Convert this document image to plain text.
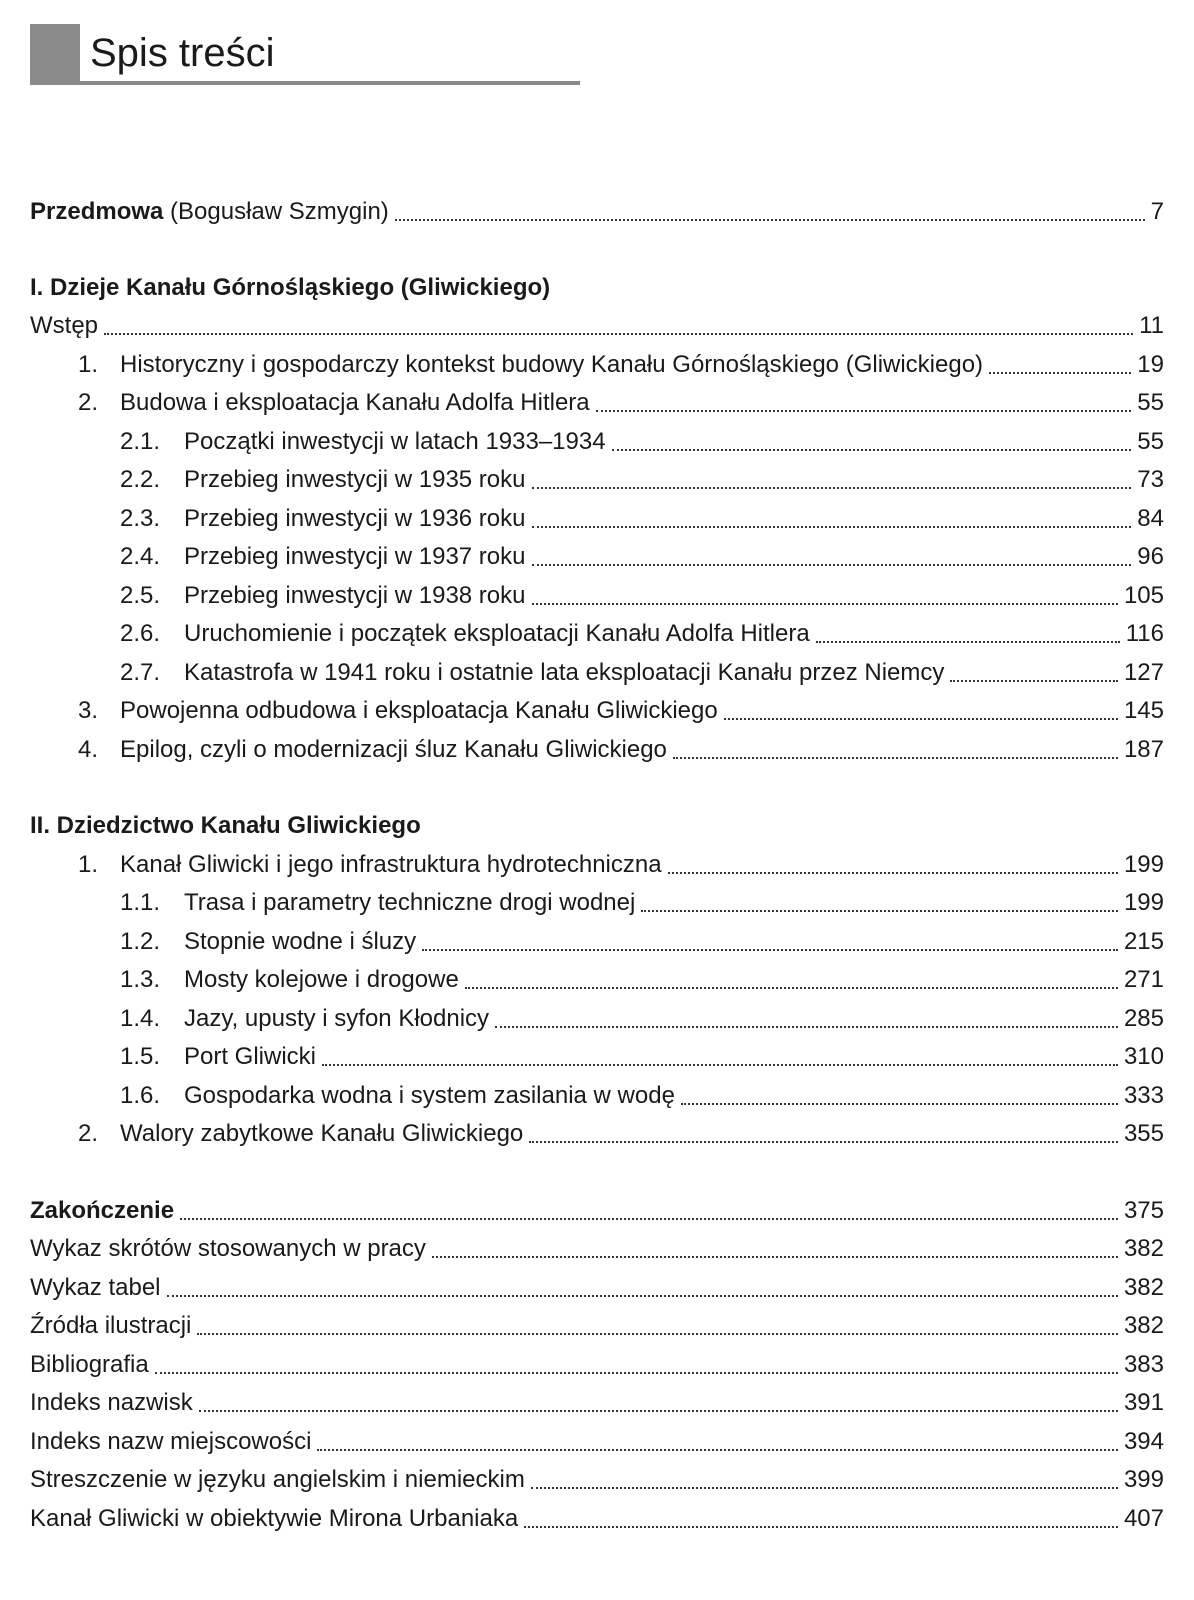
Spis treści
Przedmowa (Bogusław Szmygin)	7
I. Dzieje Kanału Górnośląskiego (Gliwickiego)
Wstęp	11
1. Historyczny i gospodarczy kontekst budowy Kanału Górnośląskiego (Gliwickiego)	19
2. Budowa i eksploatacja Kanału Adolfa Hitlera	55
2.1. Początki inwestycji w latach 1933–1934	55
2.2. Przebieg inwestycji w 1935 roku	73
2.3. Przebieg inwestycji w 1936 roku	84
2.4. Przebieg inwestycji w 1937 roku	96
2.5. Przebieg inwestycji w 1938 roku	105
2.6. Uruchomienie i początek eksploatacji Kanału Adolfa Hitlera	116
2.7. Katastrofa w 1941 roku i ostatnie lata eksploatacji Kanału przez Niemcy	127
3. Powojenna odbudowa i eksploatacja Kanału Gliwickiego	145
4. Epilog, czyli o modernizacji śluz Kanału Gliwickiego	187
II. Dziedzictwo Kanału Gliwickiego
1. Kanał Gliwicki i jego infrastruktura hydrotechniczna	199
1.1. Trasa i parametry techniczne drogi wodnej	199
1.2. Stopnie wodne i śluzy	215
1.3. Mosty kolejowe i drogowe	271
1.4. Jazy, upusty i syfon Kłodnicy	285
1.5. Port Gliwicki	310
1.6. Gospodarka wodna i system zasilania w wodę	333
2. Walory zabytkowe Kanału Gliwickiego	355
Zakończenie	375
Wykaz skrótów stosowanych w pracy	382
Wykaz tabel	382
Źródła ilustracji	382
Bibliografia	383
Indeks nazwisk	391
Indeks nazw miejscowości	394
Streszczenie w języku angielskim i niemieckim	399
Kanał Gliwicki w obiektywie Mirona Urbaniaka	407
